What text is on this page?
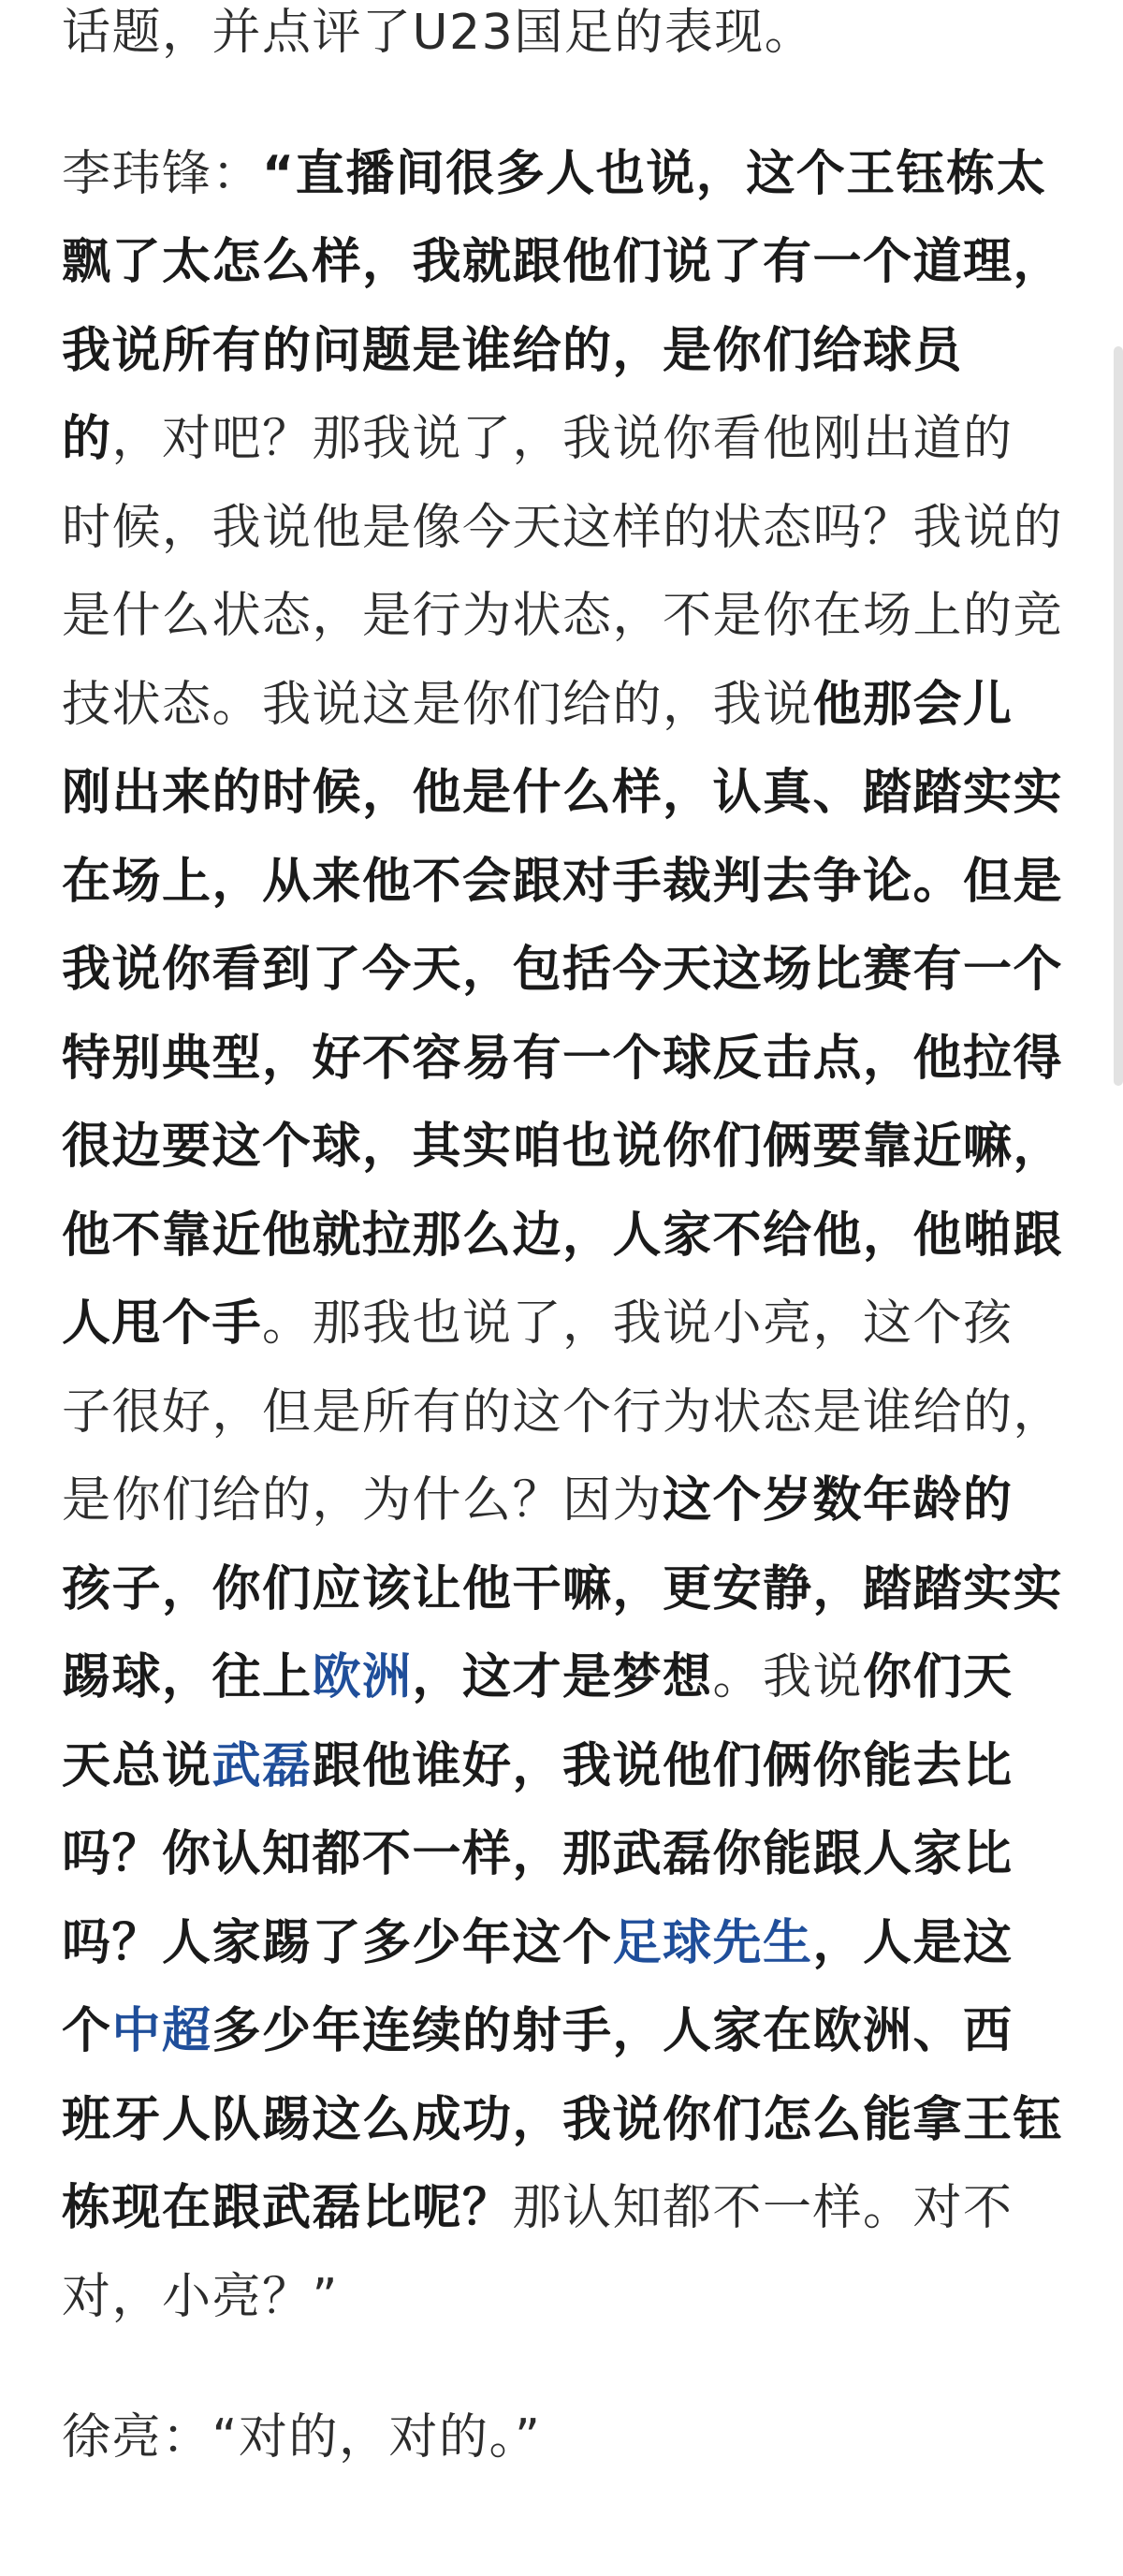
话题，并点评了U23国足的表现。

李玮锋：“直播间很多人也说，这个王钰栋太飘了太怎么样，我就跟他们说了有一个道理，我说所有的问题是谁给的，是你们给球员的，对吧？那我说了，我说你看他刚出道的时候，我说他是像今天这样的状态吗？我说的是什么状态，是行为状态，不是你在场上的竞技状态。我说这是你们给的，我说他那会儿刚出来的时候，他是什么样，认真、踏踏实实在场上，从来他不会跟对手裁判去争论。但是我说你看到了今天，包括今天这场比赛有一个特别典型，好不容易有一个球反击点，他拉得很边要这个球，其实咱也说你们俩要靠近嘛，他不靠近他就拉那么边，人家不给他，他啪跟人甩个手。那我也说了，我说小亮，这个孩子很好，但是所有的这个行为状态是谁给的，是你们给的，为什么？因为这个岁数年龄的孩子，你们应该让他干嘛，更安静，踏踏实实踢球，往上欧洲，这才是梦想。我说你们天天总说武磊跟他谁好，我说他们俩你能去比吗？你认知都不一样，那武磊你能跟人家比吗？人家踢了多少年这个足球先生，人是这个中超多少年连续的射手，人家在欧洲、西班牙人队踢这么成功，我说你们怎么能拿王钰栋现在跟武磊比呢？那认知都不一样。对不对，小亮？”

徐亮：“对的，对的。”
